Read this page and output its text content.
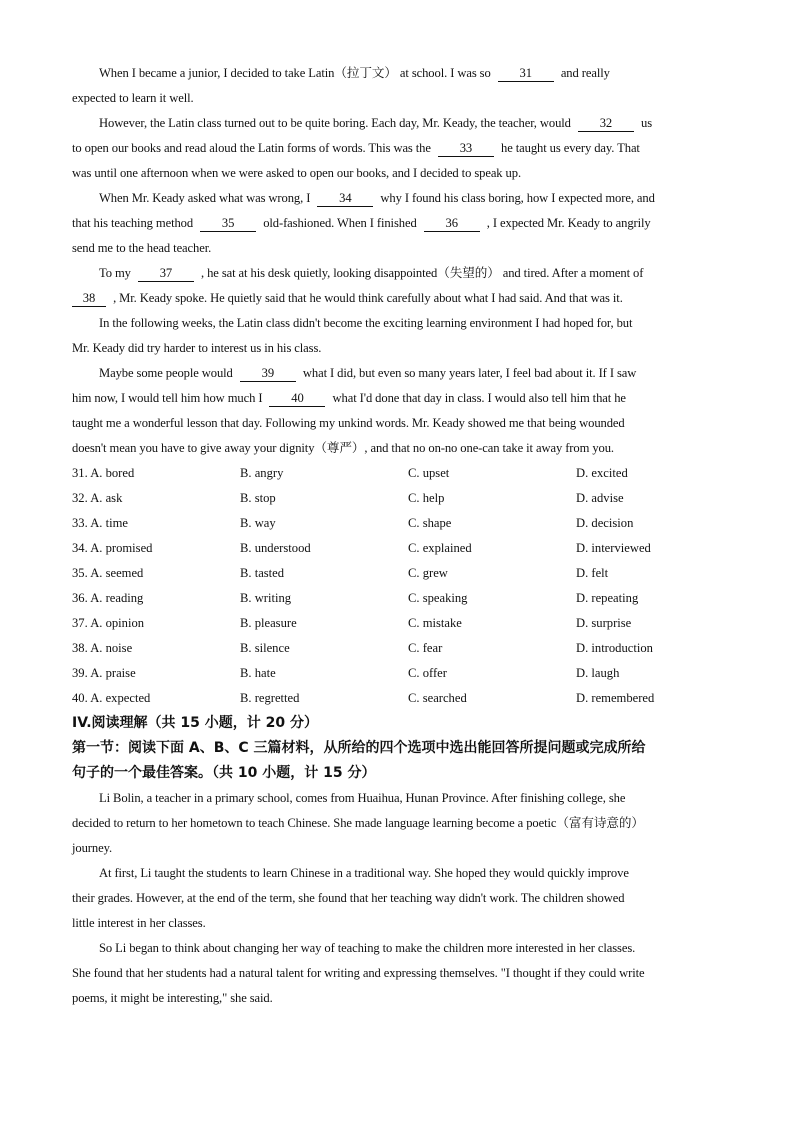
When I became a junior, I decided to take Latin（拉丁文） at school. I was so 31 and really
expected to learn it well.
However, the Latin class turned out to be quite boring. Each day, Mr. Keady, the teacher, would 32 us
to open our books and read aloud the Latin forms of words. This was the 33 he taught us every day. That
was until one afternoon when we were asked to open our books, and I decided to speak up.
When Mr. Keady asked what was wrong, I 34 why I found his class boring, how I expected more, and
that his teaching method 35 old-fashioned. When I finished 36 , I expected Mr. Keady to angrily
send me to the head teacher.
To my 37 , he sat at his desk quietly, looking disappointed（失望的） and tired. After a moment of
38 , Mr. Keady spoke. He quietly said that he would think carefully about what I had said. And that was it.
In the following weeks, the Latin class didn't become the exciting learning environment I had hoped for, but
Mr. Keady did try harder to interest us in his class.
Maybe some people would 39 what I did, but even so many years later, I feel bad about it. If I saw
him now, I would tell him how much I 40 what I'd done that day in class. I would also tell him that he
taught me a wonderful lesson that day. Following my unkind words. Mr. Keady showed me that being wounded
doesn't mean you have to give away your dignity（尊严）, and that no on-no one-can take it away from you.
31. A. bored	B. angry	C. upset	D. excited
32. A. ask	B. stop	C. help	D. advise
33. A. time	B. way	C. shape	D. decision
34. A. promised	B. understood	C. explained	D. interviewed
35. A. seemed	B. tasted	C. grew	D. felt
36. A. reading	B. writing	C. speaking	D. repeating
37. A. opinion	B. pleasure	C. mistake	D. surprise
38. A. noise	B. silence	C. fear	D. introduction
39. A. praise	B. hate	C. offer	D. laugh
40. A. expected	B. regretted	C. searched	D. remembered
IV.阅读理解（共 15 小题，计 20 分）
第一节：阅读下面 A、B、C 三篇材料，从所给的四个选项中选出能回答所提问题或完成所给
句子的一个最佳答案。（共 10 小题，计 15 分）
Li Bolin, a teacher in a primary school, comes from Huaihua, Hunan Province. After finishing college, she
decided to return to her hometown to teach Chinese. She made language learning become a poetic（富有诗意的）
journey.
At first, Li taught the students to learn Chinese in a traditional way. She hoped they would quickly improve
their grades. However, at the end of the term, she found that her teaching way didn't work. The children showed
little interest in her classes.
So Li began to think about changing her way of teaching to make the children more interested in her classes.
She found that her students had a natural talent for writing and expressing themselves. "I thought if they could write
poems, it might be interesting," she said.
